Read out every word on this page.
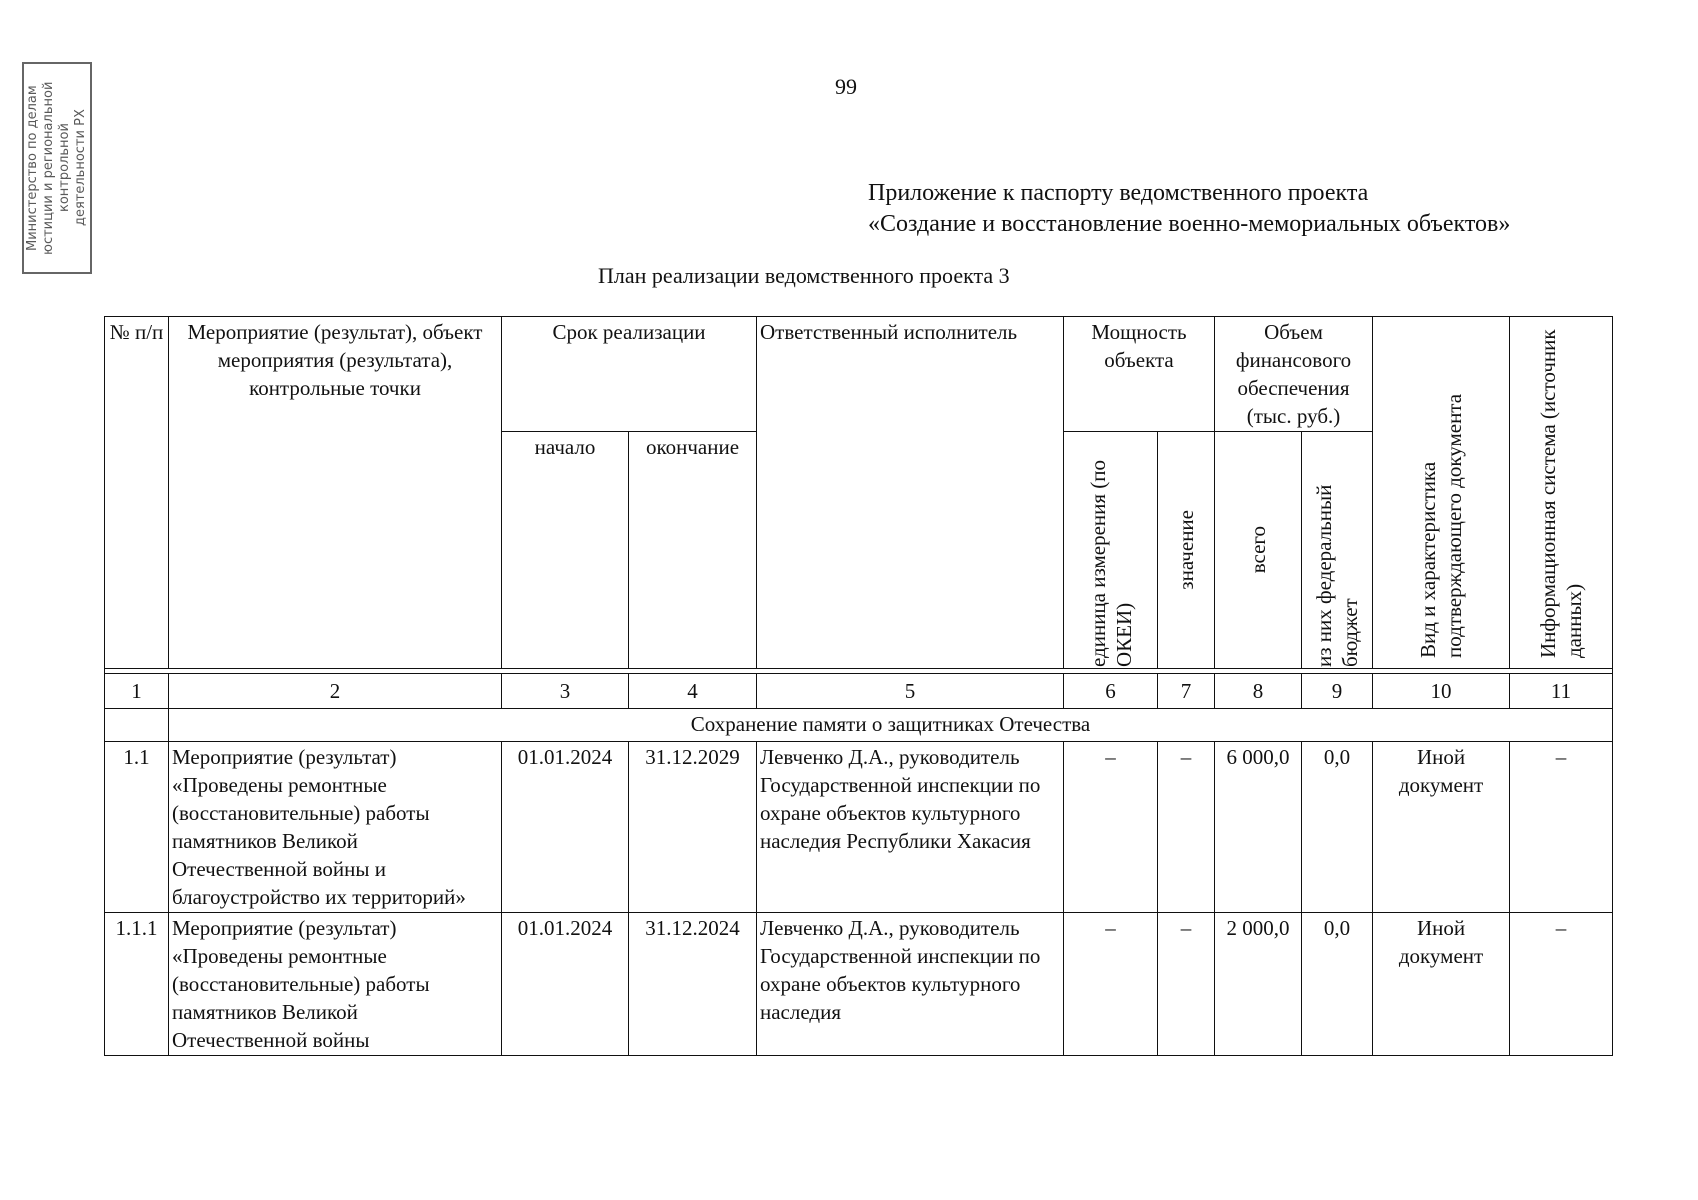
Министерство по делам юстиции и региональной контрольной деятельности РХ
99
Приложение к паспорту ведомственного проекта
«Создание и восстановление военно-мемориальных объектов»
План реализации ведомственного проекта 3
№ п/п	Мероприятие (результат), объект мероприятия (результата), контрольные точки	Срок реализации		Ответственный исполнитель	Мощность объекта		Объем финансового обеспечения (тыс. руб.)		Вид и характеристика подтверждающего документа	Информационная система (источник данных)

		начало	окончание		единица измерения (по ОКЕИ)	значение	всего	из них федеральный бюджет		

1	2	3	4	5	6	7	8	9	10	11
	Сохранение памяти о защитниках Отечества									
1.1	Мероприятие (результат) «Проведены ремонтные (восстановительные) работы памятников Великой Отечественной войны и благоустройство их территорий»	01.01.2024	31.12.2029	Левченко Д.А., руководитель Государственной инспекции по охране объектов культурного наследия Республики Хакасия	–	–	6 000,0	0,0	Иной документ	–
1.1.1	Мероприятие (результат) «Проведены ремонтные (восстановительные) работы памятников Великой Отечественной войны	01.01.2024	31.12.2024	Левченко Д.А., руководитель Государственной инспекции по охране объектов культурного наследия	–	–	2 000,0	0,0	Иной документ	–
